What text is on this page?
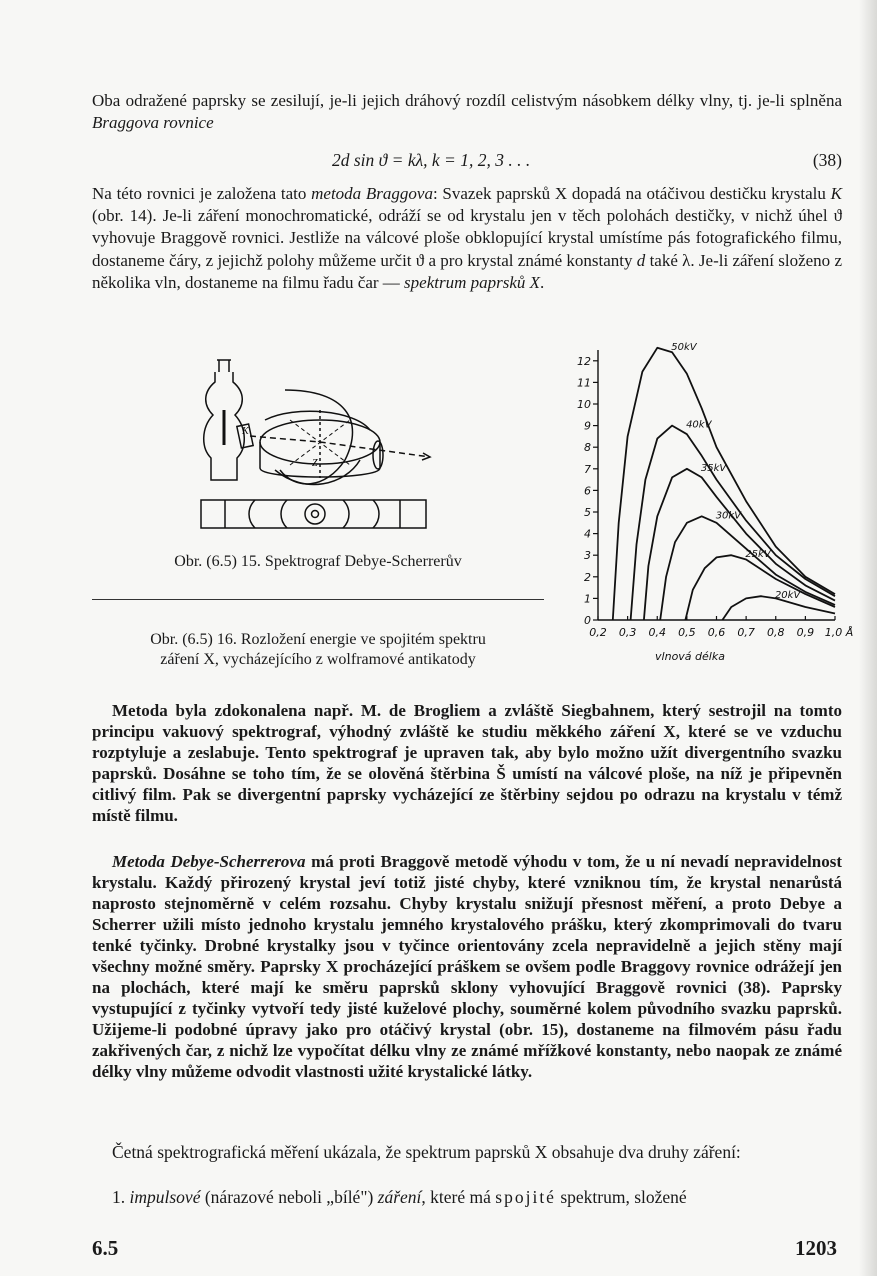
Oba odražené paprsky se zesilují, je-li jejich dráhový rozdíl celistvým násobkem délky vlny, tj. je-li splněna Braggova rovnice

2d sin ϑ = kλ, k = 1, 2, 3 . . .	(38)

Na této rovnici je založena tato metoda Braggova: Svazek paprsků X dopadá na otáčivou destičku krystalu K (obr. 14). Je-li záření monochromatické, odráží se od krystalu jen v těch polohách destičky, v nichž úhel ϑ vyhovuje Braggově rovnici. Jestliže na válcové ploše obklopující krystal umístíme pás fotografického filmu, dostaneme čáry, z jejichž polohy můžeme určit ϑ a pro krystal známé konstanty d také λ. Je-li záření složeno z několika vln, dostaneme na filmu řadu čar — spektrum paprsků X.

K
Z
Obr. (6.5) 15. Spektrograf Debye-Scherrerův
Obr. (6.5) 16. Rozložení energie ve spojitém spektru
záření X, vycházejícího z wolframové antikatody
0
1
2
3
4
5
6
7
8
9
10
11
12
0,2 0,3 0,4 0,5 0,6 0,7 0,8 0,9 1,0 Å
50kV
40kV
35kV
30kV
25kV
20kV
vlnová délka

Metoda byla zdokonalena např. M. de Brogliem a zvláště Siegbahnem, který sestrojil na tomto principu vakuový spektrograf, výhodný zvláště ke studiu měkkého záření X, které se ve vzduchu rozptyluje a zeslabuje. Tento spektrograf je upraven tak, aby bylo možno užít divergentního svazku paprsků. Dosáhne se toho tím, že se olověná štěrbina Š umístí na válcové ploše, na níž je připevněn citlivý film. Pak se divergentní paprsky vycházející ze štěrbiny sejdou po odrazu na krystalu v témž místě filmu.

Metoda Debye-Scherrerova má proti Braggově metodě výhodu v tom, že u ní nevadí nepravidelnost krystalu. Každý přirozený krystal jeví totiž jisté chyby, které vzniknou tím, že krystal nenarůstá naprosto stejnoměrně v celém rozsahu. Chyby krystalu snižují přesnost měření, a proto Debye a Scherrer užili místo jednoho krystalu jemného krystalového prášku, který zkomprimovali do tvaru tenké tyčinky. Drobné krystalky jsou v tyčince orientovány zcela nepravidelně a jejich stěny mají všechny možné směry. Paprsky X procházející práškem se ovšem podle Braggovy rovnice odrážejí jen na plochách, které mají ke směru paprsků sklony vyhovující Braggově rovnici (38). Paprsky vystupující z tyčinky vytvoří tedy jisté kuželové plochy, souměrné kolem původního svazku paprsků. Užijeme-li podobné úpravy jako pro otáčivý krystal (obr. 15), dostaneme na filmovém pásu řadu zakřivených čar, z nichž lze vypočítat délku vlny ze známé mřížkové konstanty, nebo naopak ze známé délky vlny můžeme odvodit vlastnosti užité krystalické látky.

Četná spektrografická měření ukázala, že spektrum paprsků X obsahuje dva druhy záření:

1. impulsové (nárazové neboli „bílé") záření, které má spojité spektrum, složené

6.5	1203
